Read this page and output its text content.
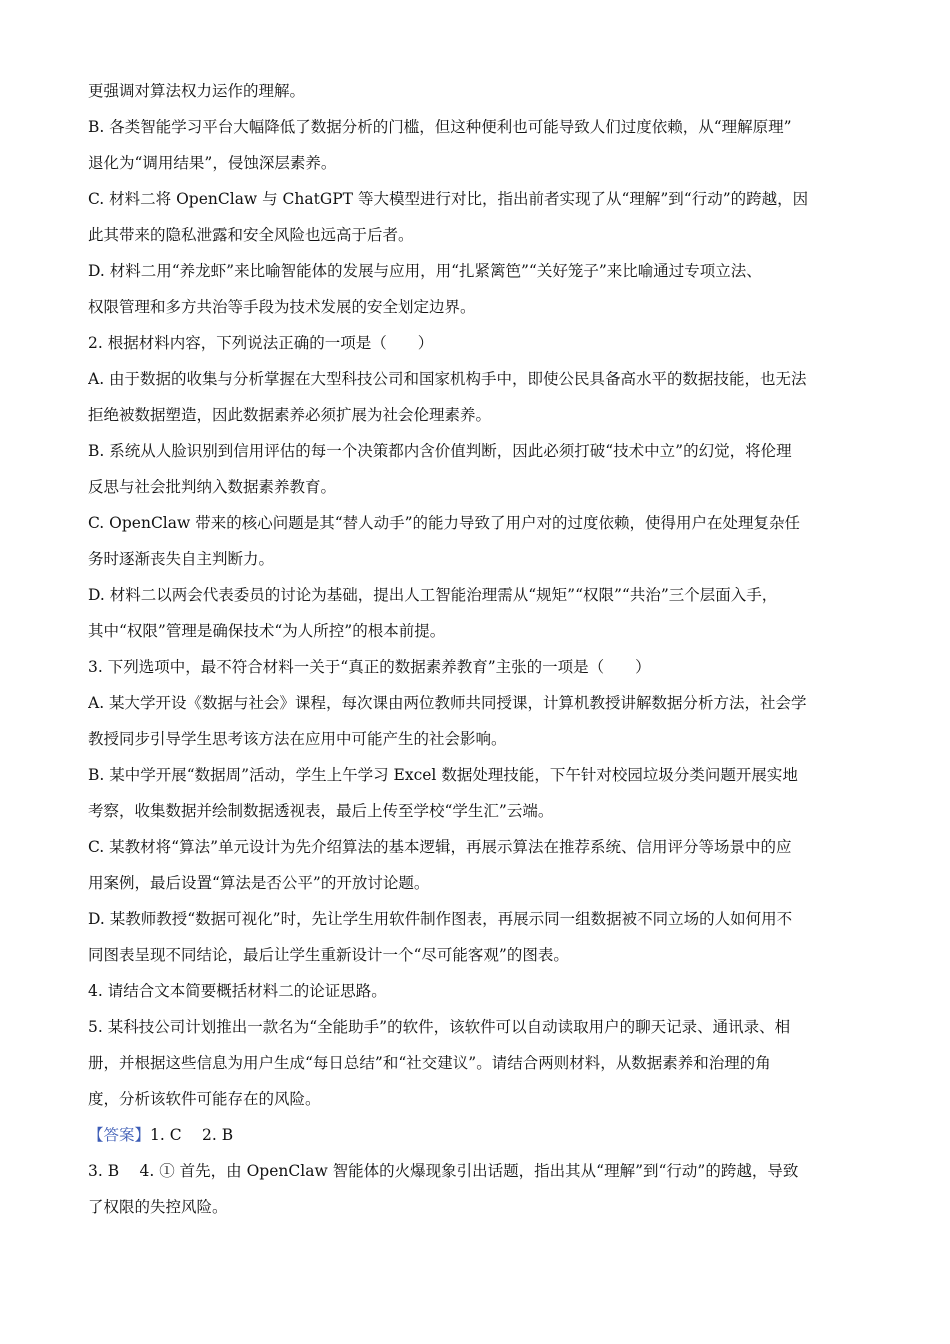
更强调对算法权力运作的理解。
B. 各类智能学习平台大幅降低了数据分析的门槛，但这种便利也可能导致人们过度依赖，从“理解原理”
退化为“调用结果”，侵蚀深层素养。
C. 材料二将 OpenClaw 与 ChatGPT 等大模型进行对比，指出前者实现了从“理解”到“行动”的跨越，因
此其带来的隐私泄露和安全风险也远高于后者。
D. 材料二用“养龙虾”来比喻智能体的发展与应用，用“扎紧篱笆”“关好笼子”来比喻通过专项立法、
权限管理和多方共治等手段为技术发展的安全划定边界。
2. 根据材料内容，下列说法正确的一项是（　　）
A. 由于数据的收集与分析掌握在大型科技公司和国家机构手中，即使公民具备高水平的数据技能，也无法
拒绝被数据塑造，因此数据素养必须扩展为社会伦理素养。
B. 系统从人脸识别到信用评估的每一个决策都内含价值判断，因此必须打破“技术中立”的幻觉，将伦理
反思与社会批判纳入数据素养教育。
C. OpenClaw 带来的核心问题是其“替人动手”的能力导致了用户对的过度依赖，使得用户在处理复杂任
务时逐渐丧失自主判断力。
D. 材料二以两会代表委员的讨论为基础，提出人工智能治理需从“规矩”“权限”“共治”三个层面入手，
其中“权限”管理是确保技术“为人所控”的根本前提。
3. 下列选项中，最不符合材料一关于“真正的数据素养教育”主张的一项是（　　）
A. 某大学开设《数据与社会》课程，每次课由两位教师共同授课，计算机教授讲解数据分析方法，社会学
教授同步引导学生思考该方法在应用中可能产生的社会影响。
B. 某中学开展“数据周”活动，学生上午学习 Excel 数据处理技能，下午针对校园垃圾分类问题开展实地
考察，收集数据并绘制数据透视表，最后上传至学校“学生汇”云端。
C. 某教材将“算法”单元设计为先介绍算法的基本逻辑，再展示算法在推荐系统、信用评分等场景中的应
用案例，最后设置“算法是否公平”的开放讨论题。
D. 某教师教授“数据可视化”时，先让学生用软件制作图表，再展示同一组数据被不同立场的人如何用不
同图表呈现不同结论，最后让学生重新设计一个“尽可能客观”的图表。
4. 请结合文本简要概括材料二的论证思路。
5. 某科技公司计划推出一款名为“全能助手”的软件，该软件可以自动读取用户的聊天记录、通讯录、相
册，并根据这些信息为用户生成“每日总结”和“社交建议”。请结合两则材料，从数据素养和治理的角
度，分析该软件可能存在的风险。
【答案】1. C　 2. B
3. B　 4. ① 首先，由 OpenClaw 智能体的火爆现象引出话题，指出其从“理解”到“行动”的跨越，导致
了权限的失控风险。
